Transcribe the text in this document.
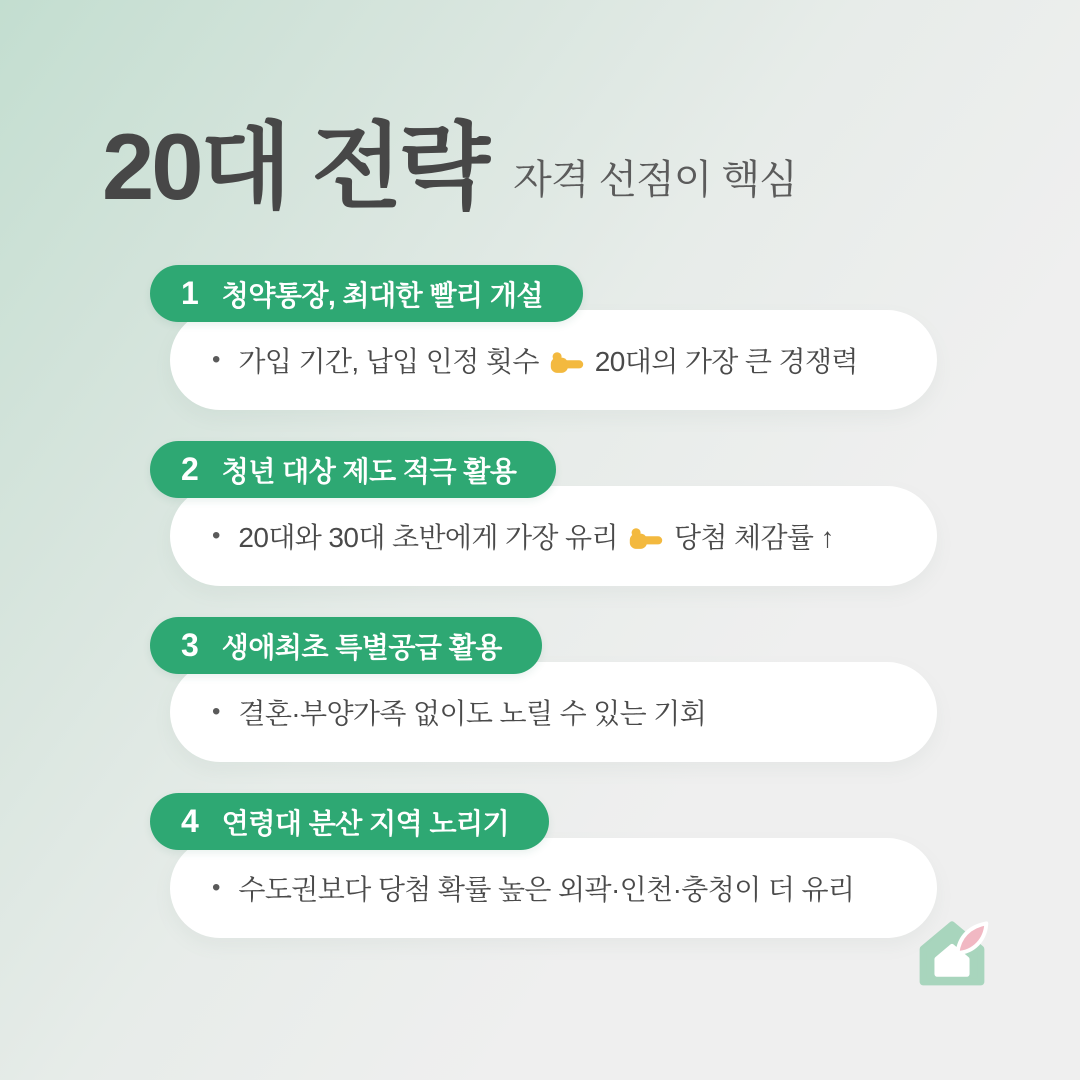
20대 전략 자격 선점이 핵심
1 청약통장, 최대한 빨리 개설
• 가입 기간, 납입 인정 횟수 20대의 가장 큰 경쟁력
2 청년 대상 제도 적극 활용
• 20대와 30대 초반에게 가장 유리 당첨 체감률 ↑
3 생애최초 특별공급 활용
• 결혼·부양가족 없이도 노릴 수 있는 기회
4 연령대 분산 지역 노리기
• 수도권보다 당첨 확률 높은 외곽·인천·충청이 더 유리
